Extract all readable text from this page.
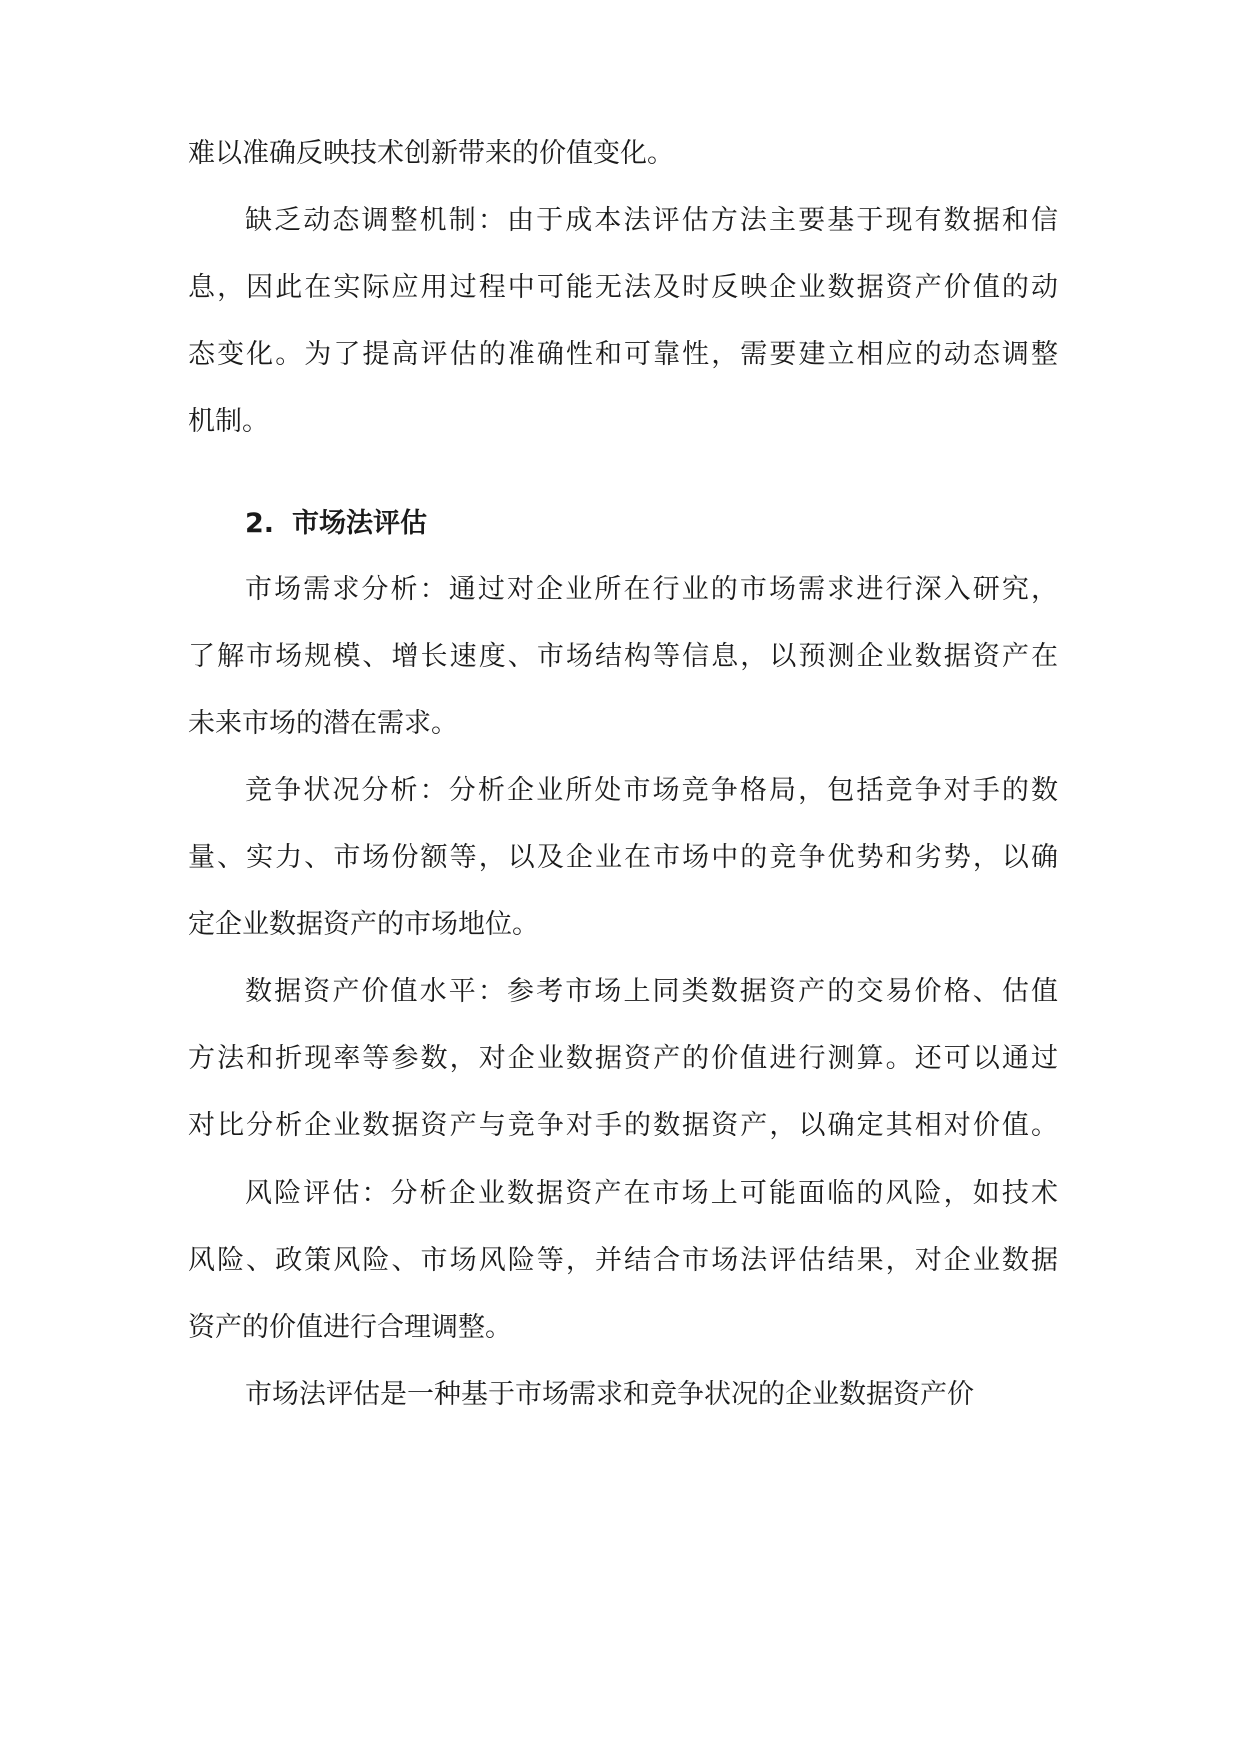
难以准确反映技术创新带来的价值变化。
缺乏动态调整机制：由于成本法评估方法主要基于现有数据和信
息，因此在实际应用过程中可能无法及时反映企业数据资产价值的动
态变化。为了提高评估的准确性和可靠性，需要建立相应的动态调整
机制。
2. 市场法评估
市场需求分析：通过对企业所在行业的市场需求进行深入研究，
了解市场规模、增长速度、市场结构等信息，以预测企业数据资产在
未来市场的潜在需求。
竞争状况分析：分析企业所处市场竞争格局，包括竞争对手的数
量、实力、市场份额等，以及企业在市场中的竞争优势和劣势，以确
定企业数据资产的市场地位。
数据资产价值水平：参考市场上同类数据资产的交易价格、估值
方法和折现率等参数，对企业数据资产的价值进行测算。还可以通过
对比分析企业数据资产与竞争对手的数据资产，以确定其相对价值。
风险评估：分析企业数据资产在市场上可能面临的风险，如技术
风险、政策风险、市场风险等，并结合市场法评估结果，对企业数据
资产的价值进行合理调整。
市场法评估是一种基于市场需求和竞争状况的企业数据资产价
